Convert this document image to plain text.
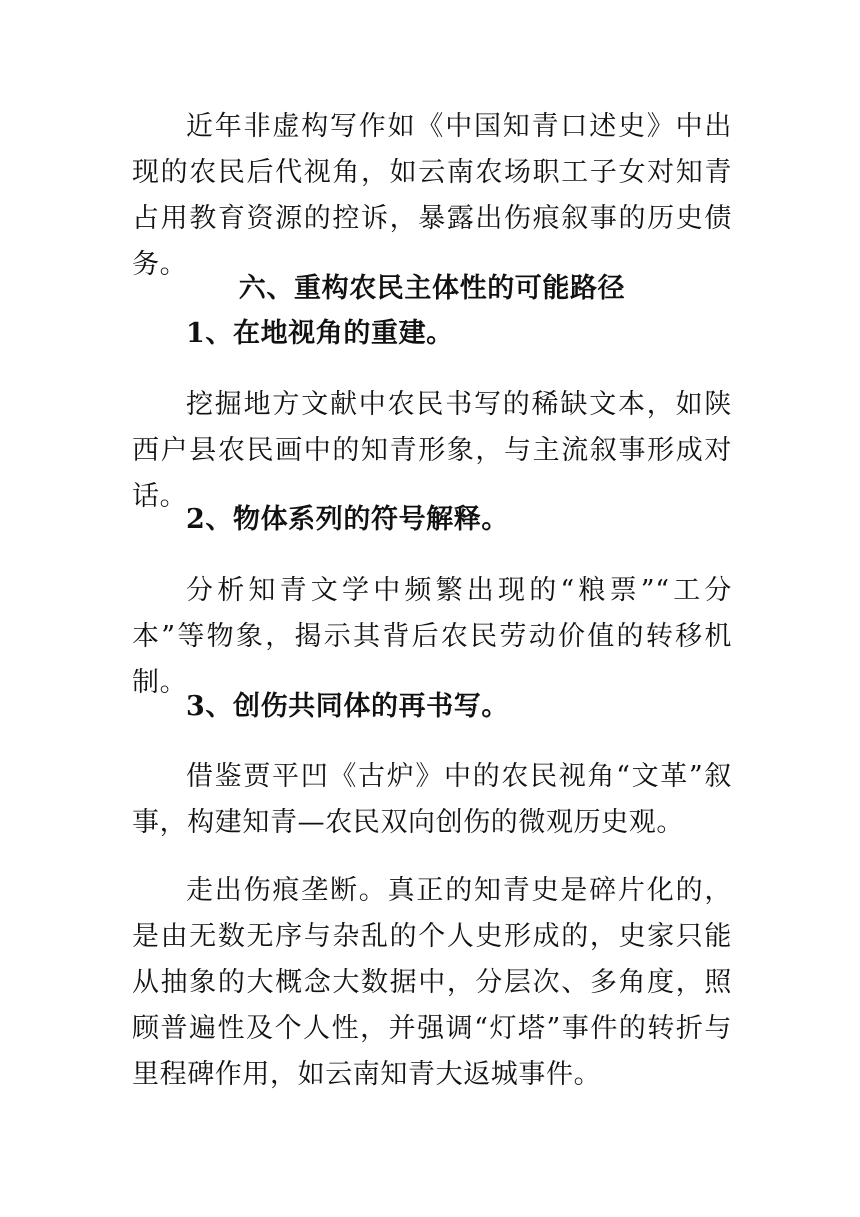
近年非虚构写作如《中国知青口述史》中出现的农民后代视角，如云南农场职工子女对知青占用教育资源的控诉，暴露出伤痕叙事的历史债务。

六、重构农民主体性的可能路径
1、在地视角的重建。

挖掘地方文献中农民书写的稀缺文本，如陕西户县农民画中的知青形象，与主流叙事形成对话。

2、物体系列的符号解释。

分析知青文学中频繁出现的“粮票”“工分本”等物象，揭示其背后农民劳动价值的转移机制。

3、创伤共同体的再书写。

借鉴贾平凹《古炉》中的农民视角“文革”叙事，构建知青—农民双向创伤的微观历史观。

走出伤痕垄断。真正的知青史是碎片化的，是由无数无序与杂乱的个人史形成的，史家只能从抽象的大概念大数据中，分层次、多角度，照顾普遍性及个人性，并强调“灯塔”事件的转折与里程碑作用，如云南知青大返城事件。
